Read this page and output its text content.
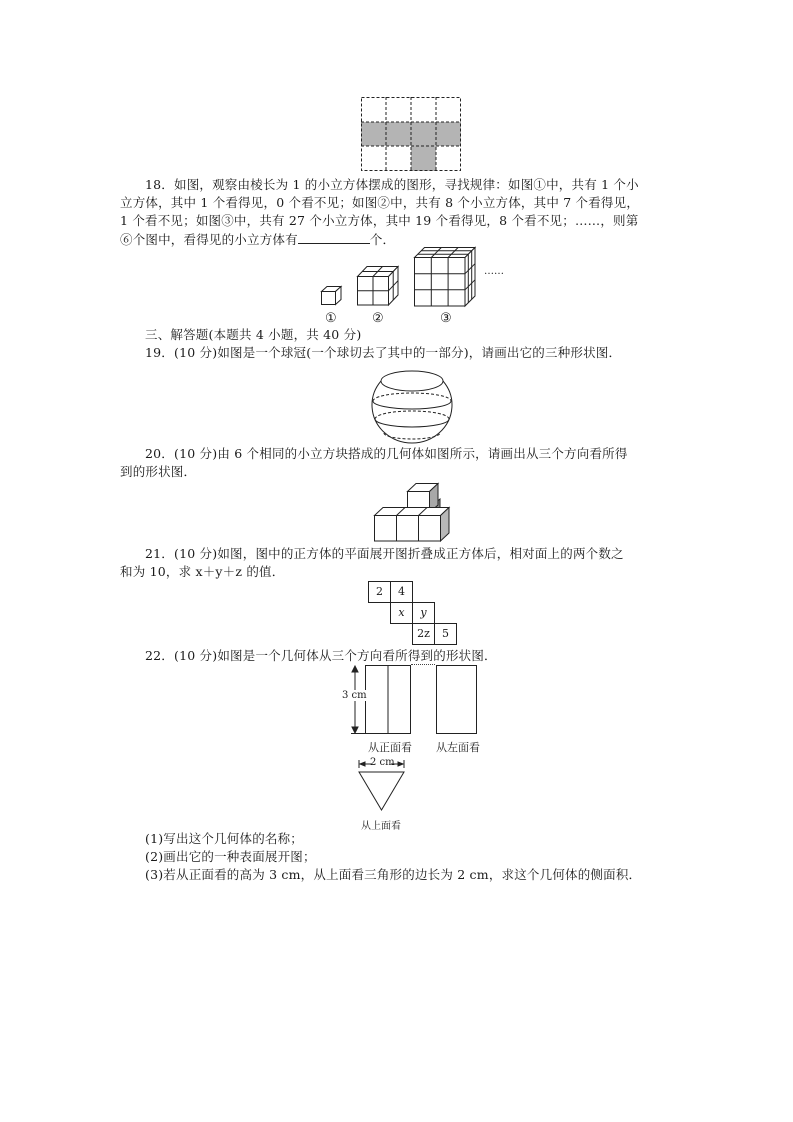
18．如图，观察由棱长为 1 的小立方体摆成的图形，寻找规律：如图①中，共有 1 个小
立方体，其中 1 个看得见，0 个看不见；如图②中，共有 8 个小立方体，其中 7 个看得见，
1 个看不见；如图③中，共有 27 个小立方体，其中 19 个看得见，8 个看不见；……，则第
⑥个图中，看得见的小立方体有	个．
……
①	②	③
三、解答题(本题共 4 小题，共 40 分)
19．(10 分)如图是一个球冠(一个球切去了其中的一部分)，请画出它的三种形状图．
20．(10 分)由 6 个相同的小立方块搭成的几何体如图所示，请画出从三个方向看所得
到的形状图．
21．(10 分)如图，图中的正方体的平面展开图折叠成正方体后，相对面上的两个数之
和为 10，求 x＋y＋z 的值．
2	4
x	y
2z	5
22．(10 分)如图是一个几何体从三个方向看所得到的形状图．
3 cm
从正面看 从左面看
2 cm
从上面看
(1)写出这个几何体的名称；
(2)画出它的一种表面展开图；
(3)若从正面看的高为 3 cm，从上面看三角形的边长为 2 cm，求这个几何体的侧面积．
